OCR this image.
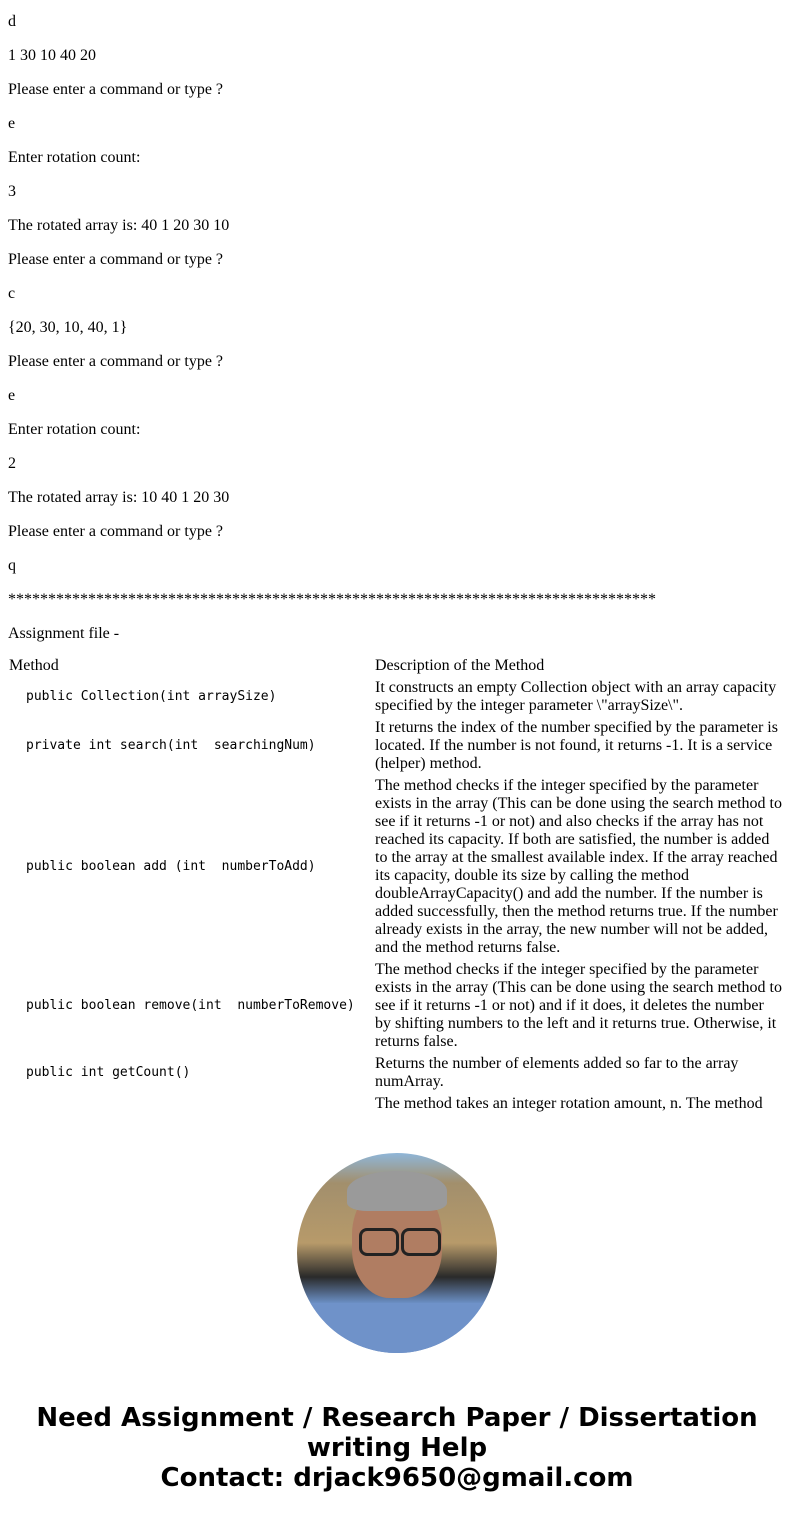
d

1 30 10 40 20

Please enter a command or type ?

e

Enter rotation count:

3

The rotated array is: 40 1 20 30 10

Please enter a command or type ?

c

{20, 30, 10, 40, 1}

Please enter a command or type ?

e

Enter rotation count:

2

The rotated array is: 10 40 1 20 30

Please enter a command or type ?

q

*********************************************************************************

Assignment file -

Method	Description of the Method
public Collection(int arraySize)	It constructs an empty Collection object with an array capacity specified by the integer parameter \"arraySize\".
private int search(int  searchingNum)	It returns the index of the number specified by the parameter is located. If the number is not found, it returns -1. It is a service (helper) method.
public boolean add (int  numberToAdd)	The method checks if the integer specified by the parameter exists in the array (This can be done using the search method to see if it returns -1 or not) and also checks if the array has not reached its capacity. If both are satisfied, the number is added to the array at the smallest available index. If the array reached its capacity, double its size by calling the method doubleArrayCapacity() and add the number. If the number is added successfully, then the method returns true. If the number already exists in the array, the new number will not be added, and the method returns false.
public boolean remove(int  numberToRemove)	The method checks if the integer specified by the parameter exists in the array (This can be done using the search method to see if it returns -1 or not) and if it does, it deletes the number by shifting numbers to the left and it returns true. Otherwise, it returns false.
public int getCount()	Returns the number of elements added so far to the array numArray.
	The method takes an integer rotation amount, n. The method
Need Assignment / Research Paper / Dissertation writing Help
Contact: drjack9650@gmail.com
